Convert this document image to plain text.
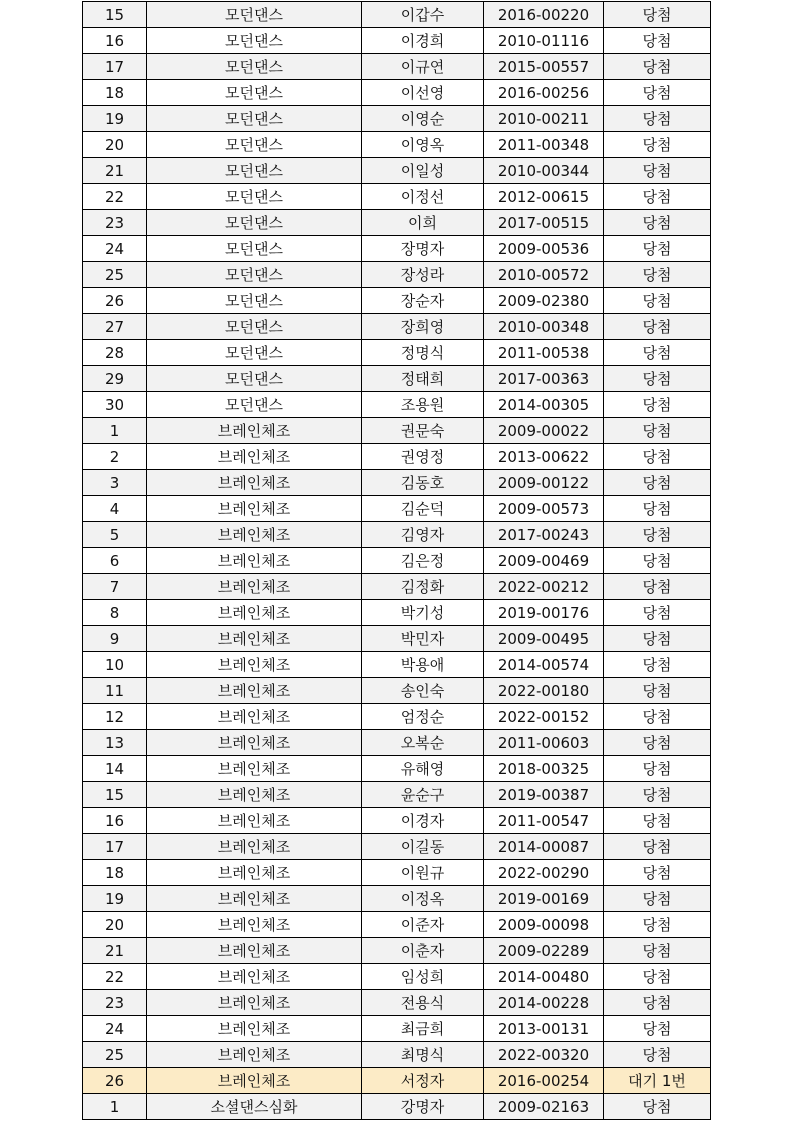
15	모던댄스	이갑수	2016-00220	당첨
16	모던댄스	이경희	2010-01116	당첨
17	모던댄스	이규연	2015-00557	당첨
18	모던댄스	이선영	2016-00256	당첨
19	모던댄스	이영순	2010-00211	당첨
20	모던댄스	이영옥	2011-00348	당첨
21	모던댄스	이일성	2010-00344	당첨
22	모던댄스	이정선	2012-00615	당첨
23	모던댄스	이희	2017-00515	당첨
24	모던댄스	장명자	2009-00536	당첨
25	모던댄스	장성라	2010-00572	당첨
26	모던댄스	장순자	2009-02380	당첨
27	모던댄스	장희영	2010-00348	당첨
28	모던댄스	정명식	2011-00538	당첨
29	모던댄스	정태희	2017-00363	당첨
30	모던댄스	조용원	2014-00305	당첨
1	브레인체조	권문숙	2009-00022	당첨
2	브레인체조	권영정	2013-00622	당첨
3	브레인체조	김동호	2009-00122	당첨
4	브레인체조	김순덕	2009-00573	당첨
5	브레인체조	김영자	2017-00243	당첨
6	브레인체조	김은정	2009-00469	당첨
7	브레인체조	김정화	2022-00212	당첨
8	브레인체조	박기성	2019-00176	당첨
9	브레인체조	박민자	2009-00495	당첨
10	브레인체조	박용애	2014-00574	당첨
11	브레인체조	송인숙	2022-00180	당첨
12	브레인체조	엄정순	2022-00152	당첨
13	브레인체조	오복순	2011-00603	당첨
14	브레인체조	유해영	2018-00325	당첨
15	브레인체조	윤순구	2019-00387	당첨
16	브레인체조	이경자	2011-00547	당첨
17	브레인체조	이길동	2014-00087	당첨
18	브레인체조	이원규	2022-00290	당첨
19	브레인체조	이정옥	2019-00169	당첨
20	브레인체조	이준자	2009-00098	당첨
21	브레인체조	이춘자	2009-02289	당첨
22	브레인체조	임성희	2014-00480	당첨
23	브레인체조	전용식	2014-00228	당첨
24	브레인체조	최금희	2013-00131	당첨
25	브레인체조	최명식	2022-00320	당첨
26	브레인체조	서정자	2016-00254	대기 1번
1	소셜댄스심화	강명자	2009-02163	당첨
